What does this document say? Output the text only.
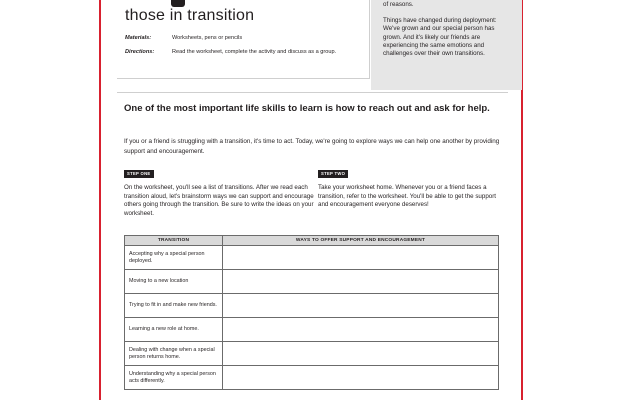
those in transition
Materials:	Worksheets, pens or pencils
Directions:	Read the worksheet, complete the activity and discuss as a group.
of reasons.
Things have changed during deployment: We've grown and our special person has grown. And it's likely our friends are experiencing the same emotions and challenges over their own transitions.
One of the most important life skills to learn is how to reach out and ask for help.
If you or a friend is struggling with a transition, it's time to act. Today, we're going to explore ways we can help one another by providing support and encouragement.
STEP ONE
On the worksheet, you'll see a list of transitions. After we read each transition aloud, let's brainstorm ways we can support and encourage others going through the transition. Be sure to write the ideas on your worksheet.
STEP TWO
Take your worksheet home. Whenever you or a friend faces a transition, refer to the worksheet. You'll be able to get the support and encouragement everyone deserves!
TRANSITION	WAYS TO OFFER SUPPORT AND ENCOURAGEMENT
Accepting why a special person deployed.	
Moving to a new location	
Trying to fit in and make new friends.	
Learning a new role at home.	
Dealing with change when a special person returns home.	
Understanding why a special person acts differently.	
